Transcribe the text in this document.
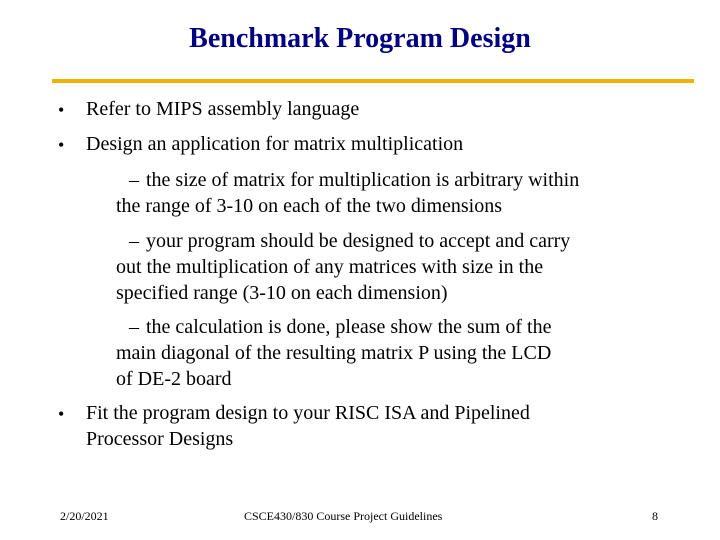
Benchmark Program Design
• Refer to MIPS assembly language
• Design an application for matrix multiplication
– the size of matrix for multiplication is arbitrary within
the range of 3-10 on each of the two dimensions
– your program should be designed to accept and carry
out the multiplication of any matrices with size in the
specified range (3-10 on each dimension)
– the calculation is done, please show the sum of the
main diagonal of the resulting matrix P using the LCD
of DE-2 board
• Fit the program design to your RISC ISA and Pipelined
Processor Designs
2/20/2021	CSCE430/830 Course Project Guidelines	8
